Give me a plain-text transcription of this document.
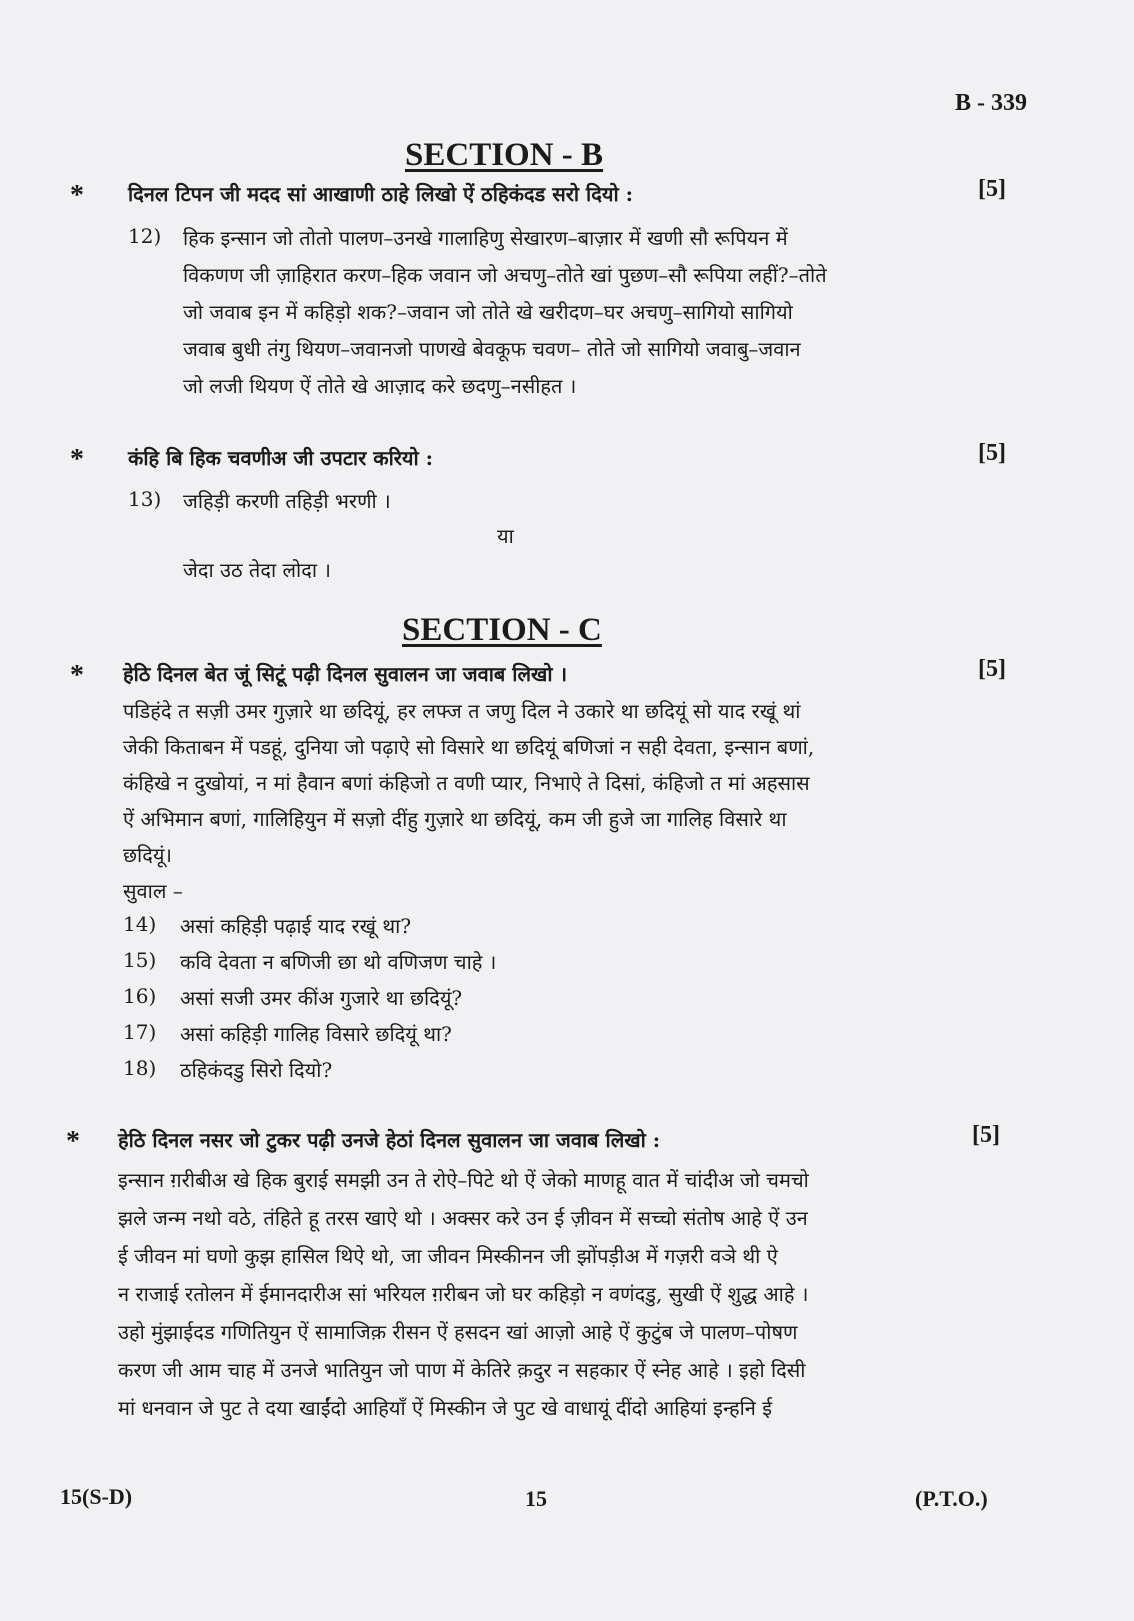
B - 339
SECTION - B
* दिनल टिपन जी मदद सां आखाणी ठाहे लिखो ऐं ठहिकंदड सरो दियो :	[5]
12) हिक इन्सान जो तोतो पालण–उनखे गालाहिणु सेखारण–बाज़ार में खणी सौ रूपियन में
विकणण जी ज़ाहिरात करण–हिक जवान जो अचणु–तोते खां पुछण–सौ रूपिया लहीं?–तोते
जो जवाब इन में कहिड़ो शक?–जवान जो तोते खे खरीदण–घर अचणु–सागियो सागियो
जवाब बुधी तंगु थियण–जवानजो पाणखे बेवकूफ चवण– तोते जो सागियो जवाबु–जवान
जो लजी थियण ऐं तोते खे आज़ाद करे छदणु–नसीहत ।
* कंहि बि हिक चवणीअ जी उपटार करियो :	[5]
13) जहिड़ी करणी तहिड़ी भरणी ।
या
जेदा उठ तेदा लोदा ।
SECTION - C
* हेठि दिनल बेत जूं सिटूं पढ़ी दिनल सुवालन जा जवाब लिखो ।	[5]
पडिहंदे त सज़ी उमर गुज़ारे था छदियूं, हर लफ्ज त जणु दिल ने उकारे था छदियूं सो याद रखूं थां
जेकी किताबन में पडहूं, दुनिया जो पढ़ाऐ सो विसारे था छदियूं बणिजां न सही देवता, इन्सान बणां,
कंहिखे न दुखोयां, न मां हैवान बणां कंहिजो त वणी प्यार, निभाऐ ते दिसां, कंहिजो त मां अहसास
ऐं अभिमान बणां, गालिहियुन में सज़ो दींहु गुज़ारे था छदियूं, कम जी हुजे जा गालिह विसारे था
छदियूं।
सुवाल –
14) असां कहिड़ी पढ़ाई याद रखूं था?
15) कवि देवता न बणिजी छा थो वणिजण चाहे ।
16) असां सजी उमर कींअ गुजारे था छदियूं?
17) असां कहिड़ी गालिह विसारे छदियूं था?
18) ठहिकंदडु सिरो दियो?
* हेठि दिनल नसर जो टुकर पढ़ी उनजे हेठां दिनल सुवालन जा जवाब लिखो :	[5]
इन्सान ग़रीबीअ खे हिक बुराई समझी उन ते रोऐ–पिटे थो ऐं जेको माणहू वात में चांदीअ जो चमचो
झले जन्म नथो वठे, तंहिते हू तरस खाऐ थो । अक्सर करे उन ई ज़ीवन में सच्चो संतोष आहे ऐं उन
ई जीवन मां घणो कुझ हासिल थिऐ थो, जा जीवन मिस्कीनन जी झोंपड़ीअ में गज़री वञे थी ऐ
न राजाई रतोलन में ईमानदारीअ सां भरियल ग़रीबन जो घर कहिड़ो न वणंदडु, सुखी ऐं शुद्ध आहे ।
उहो मुंझाईदड गणितियुन ऐं सामाजिक़ रीसन ऐं हसदन खां आज़ो आहे ऐं कुटुंब जे पालण–पोषण
करण जी आम चाह में उनजे भातियुन जो पाण में केतिरे क़दुर न सहकार ऐं स्नेह आहे । इहो दिसी
मां धनवान जे पुट ते दया खाईंदो आहियाँ ऐं मिस्कीन जे पुट खे वाधायूं दींदो आहियां इन्हनि ई
15(S-D)	15	(P.T.O.)
